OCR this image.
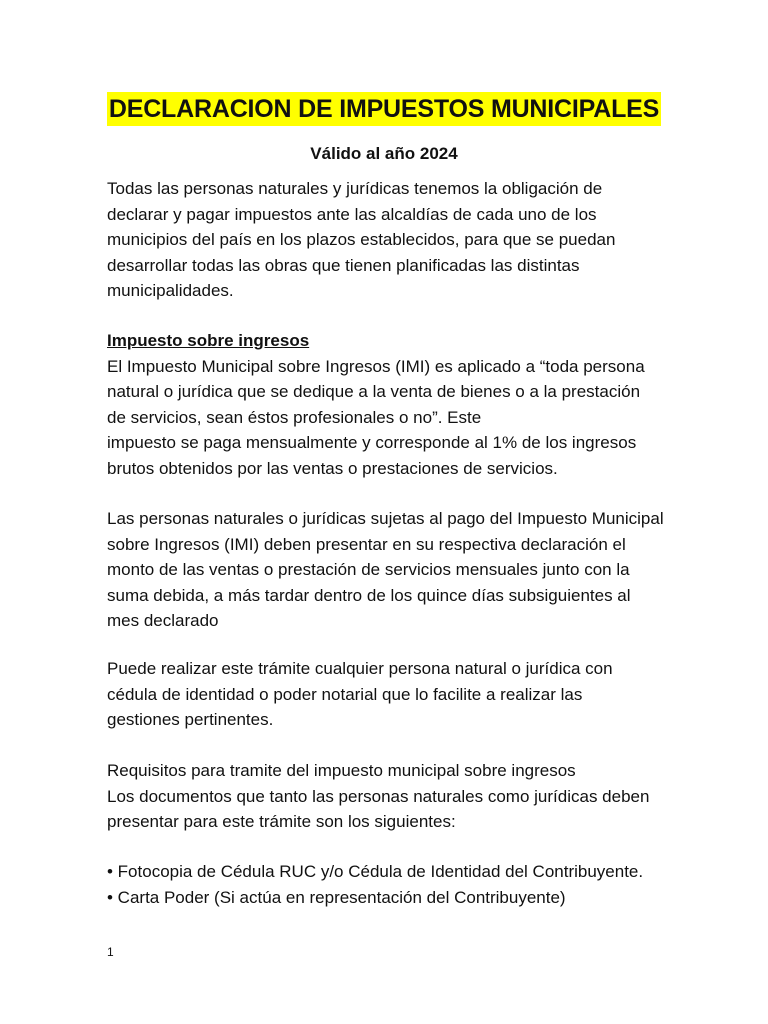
DECLARACION DE IMPUESTOS MUNICIPALES
Válido al año 2024

Todas las personas naturales y jurídicas tenemos la obligación de
declarar y pagar impuestos ante las alcaldías de cada uno de los
municipios del país en los plazos establecidos, para que se puedan
desarrollar todas las obras que tienen planificadas las distintas
municipalidades.

Impuesto sobre ingresos
El Impuesto Municipal sobre Ingresos (IMI) es aplicado a “toda persona
natural o jurídica que se dedique a la venta de bienes o a la prestación
de servicios, sean éstos profesionales o no”. Este
impuesto se paga mensualmente y corresponde al 1% de los ingresos
brutos obtenidos por las ventas o prestaciones de servicios.

Las personas naturales o jurídicas sujetas al pago del Impuesto Municipal
sobre Ingresos (IMI) deben presentar en su respectiva declaración el
monto de las ventas o prestación de servicios mensuales junto con la
suma debida, a más tardar dentro de los quince días subsiguientes al
mes declarado

Puede realizar este trámite cualquier persona natural o jurídica con
cédula de identidad o poder notarial que lo facilite a realizar las
gestiones pertinentes.

Requisitos para tramite del impuesto municipal sobre ingresos
Los documentos que tanto las personas naturales como jurídicas deben
presentar para este trámite son los siguientes:

• Fotocopia de Cédula RUC y/o Cédula de Identidad del Contribuyente.
• Carta Poder (Si actúa en representación del Contribuyente)

1
